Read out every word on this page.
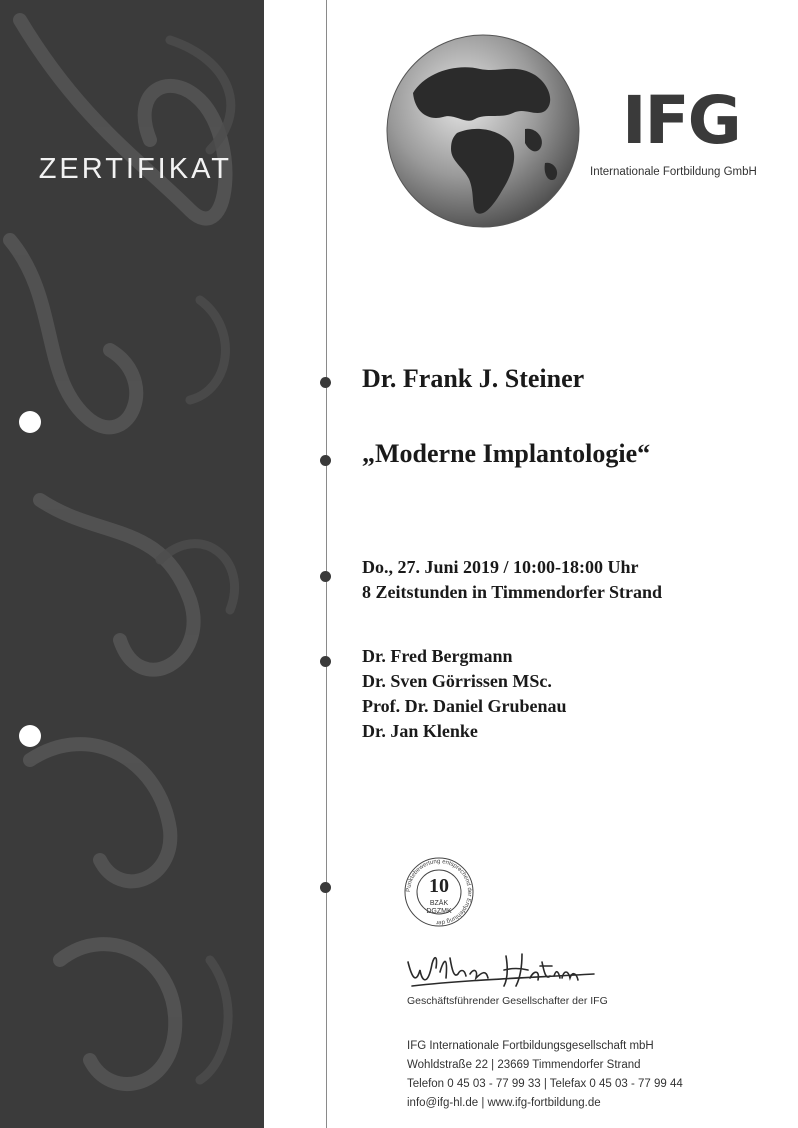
ZERTIFIKAT
IFG
Internationale Fortbildung GmbH
Dr. Frank J. Steiner
„Moderne Implantologie“
Do., 27. Juni 2019 / 10:00-18:00 Uhr
8 Zeitstunden in Timmendorfer Strand
Dr. Fred Bergmann
Dr. Sven Görrissen MSc.
Prof. Dr. Daniel Grubenau
Dr. Jan Klenke
Punktebewertung entsprechend der Empfehlung der
10
BZÄK
DGZMK
Geschäftsführender Gesellschafter der IFG
IFG Internationale Fortbildungsgesellschaft mbH
Wohldstraße 22 | 23669 Timmendorfer Strand
Telefon 0 45 03 - 77 99 33 | Telefax 0 45 03 - 77 99 44
info@ifg-hl.de | www.ifg-fortbildung.de
